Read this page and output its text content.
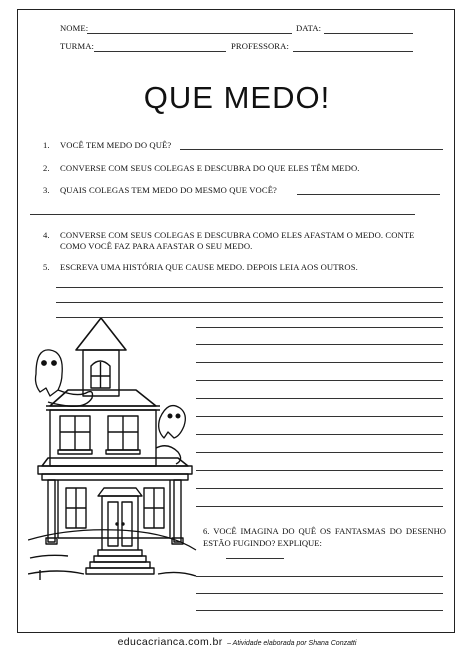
NOME:	DATA:
TURMA:	PROFESSORA:
QUE MEDO!
1. VOCÊ TEM MEDO DO QUÊ?
2. CONVERSE COM SEUS COLEGAS E DESCUBRA DO QUE ELES TÊM MEDO.
3. QUAIS COLEGAS TEM MEDO DO MESMO QUE VOCÊ?
4. CONVERSE COM SEUS COLEGAS E DESCUBRA COMO ELES AFASTAM O MEDO. CONTE
COMO VOCÊ FAZ PARA AFASTAR O SEU MEDO.
5. ESCREVA UMA HISTÓRIA QUE CAUSE MEDO. DEPOIS LEIA AOS OUTROS.
6. VOCÊ IMAGINA DO QUÊ OS FANTASMAS DO DESENHO ESTÃO FUGINDO? EXPLIQUE:
educacrianca.com.br – Atividade elaborada por Shana Conzatti
